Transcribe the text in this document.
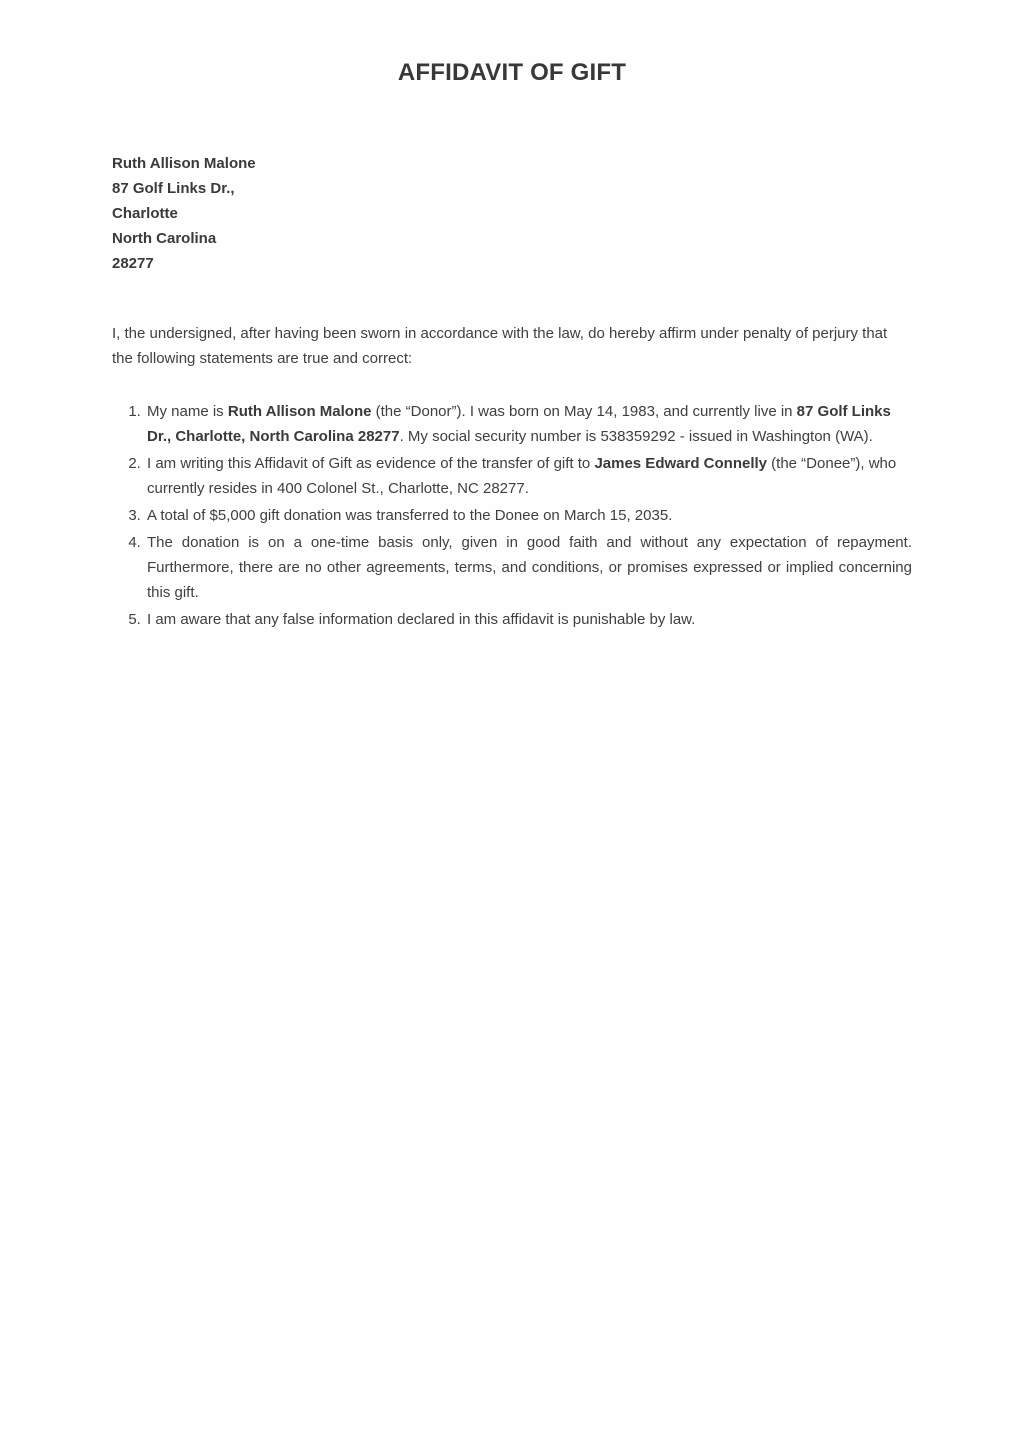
AFFIDAVIT OF GIFT
Ruth Allison Malone
87 Golf Links Dr.,
Charlotte
North Carolina
28277

I, the undersigned, after having been sworn in accordance with the law, do hereby affirm under penalty of perjury that the following statements are true and correct:

1. My name is Ruth Allison Malone (the “Donor”). I was born on May 14, 1983, and currently live in 87 Golf Links Dr., Charlotte, North Carolina 28277. My social security number is 538359292 - issued in Washington (WA).
2. I am writing this Affidavit of Gift as evidence of the transfer of gift to James Edward Connelly (the “Donee”), who currently resides in 400 Colonel St., Charlotte, NC 28277.
3. A total of $5,000 gift donation was transferred to the Donee on March 15, 2035.
4. The donation is on a one-time basis only, given in good faith and without any expectation of repayment. Furthermore, there are no other agreements, terms, and conditions, or promises expressed or implied concerning this gift.
5. I am aware that any false information declared in this affidavit is punishable by law.
